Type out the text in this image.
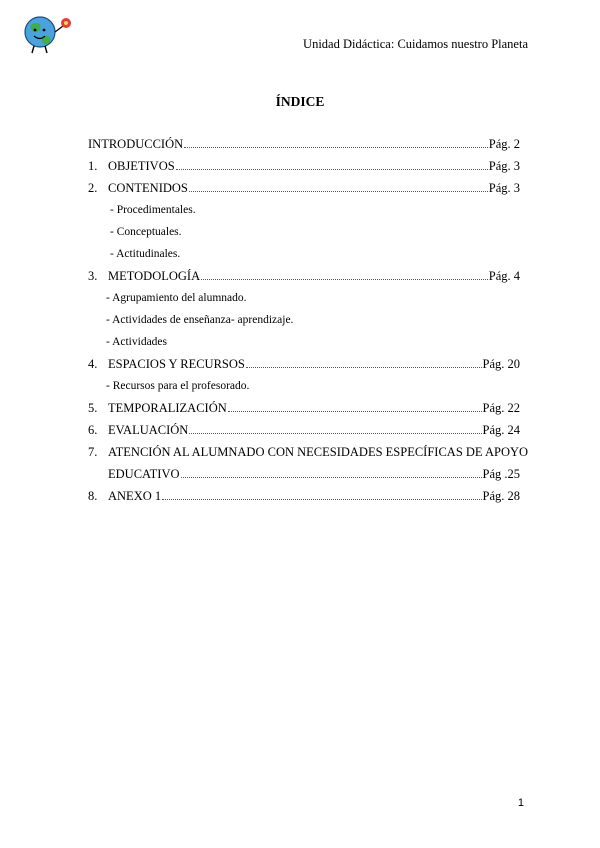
Unidad Didáctica: Cuidamos nuestro Planeta
ÍNDICE
INTRODUCCIÓN	Pág. 2
1. OBJETIVOS	Pág. 3
2. CONTENIDOS	Pág. 3
- Procedimentales.
- Conceptuales.
- Actitudinales.
3. METODOLOGÍA	Pág. 4
- Agrupamiento del alumnado.
- Actividades de enseñanza- aprendizaje.
- Actividades
4. ESPACIOS Y RECURSOS	Pág. 20
- Recursos para el profesorado.
5. TEMPORALIZACIÓN	Pág. 22
6. EVALUACIÓN	Pág. 24
7. ATENCIÓN AL ALUMNADO CON NECESIDADES ESPECÍFICAS DE APOYO
EDUCATIVO	Pág .25
8. ANEXO 1	Pág. 28
1
